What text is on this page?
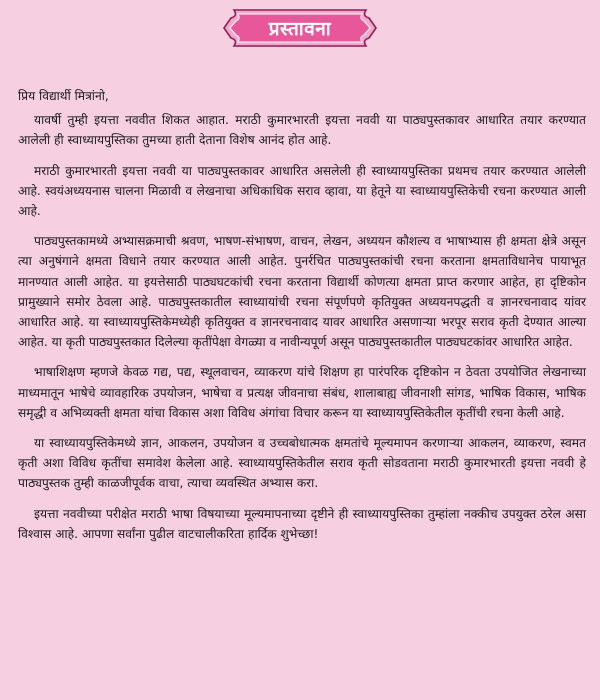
प्रस्तावना

प्रिय विद्यार्थी मित्रांनो,

यावर्षी तुम्ही इयत्ता नववीत शिकत आहात. मराठी कुमारभारती इयत्ता नववी या पाठ्यपुस्तकावर आधारित तयार करण्यात आलेली ही स्वाध्यायपुस्तिका तुमच्या हाती देताना विशेष आनंद होत आहे.

मराठी कुमारभारती इयत्ता नववी या पाठ्यपुस्तकावर आधारित असलेली ही स्वाध्यायपुस्तिका प्रथमच तयार करण्यात आलेली आहे. स्वयंअध्ययनास चालना मिळावी व लेखनाचा अधिकाधिक सराव व्हावा, या हेतूने या स्वाध्यायपुस्तिकेची रचना करण्यात आली आहे.

पाठ्यपुस्तकामध्ये अभ्यासक्रमाची श्रवण, भाषण-संभाषण, वाचन, लेखन, अध्ययन कौशल्य व भाषाभ्यास ही क्षमता क्षेत्रे असून त्या अनुषंगाने क्षमता विधाने तयार करण्यात आली आहेत. पुनर्रचित पाठ्यपुस्तकांची रचना करताना क्षमताविधानेच पायाभूत मानण्यात आली आहेत. या इयत्तेसाठी पाठ्यघटकांची रचना करताना विद्यार्थी कोणत्या क्षमता प्राप्त करणार आहेत, हा दृष्टिकोन प्रामुख्याने समोर ठेवला आहे. पाठ्यपुस्तकातील स्वाध्यायांची रचना संपूर्णपणे कृतियुक्त अध्ययनपद्धती व ज्ञानरचनावाद यांवर आधारित आहे. या स्वाध्यायपुस्तिकेमध्येही कृतियुक्त व ज्ञानरचनावाद यावर आधारित असणाऱ्या भरपूर सराव कृती देण्यात आल्या आहेत. या कृती पाठ्यपुस्तकात दिलेल्या कृतींपेक्षा वेगळ्या व नावीन्यपूर्ण असून पाठ्यपुस्तकातील पाठ्यघटकांवर आधारित आहेत.

भाषाशिक्षण म्हणजे केवळ गद्य, पद्य, स्थूलवाचन, व्याकरण यांचे शिक्षण हा पारंपरिक दृष्टिकोन न ठेवता उपयोजित लेखनाच्या माध्यमातून भाषेचे व्यावहारिक उपयोजन, भाषेचा व प्रत्यक्ष जीवनाचा संबंध, शालाबाह्य जीवनाशी सांगड, भाषिक विकास, भाषिक समृद्धी व अभिव्यक्ती क्षमता यांचा विकास अशा विविध अंगांचा विचार करून या स्वाध्यायपुस्तिकेतील कृतींची रचना केली आहे.

या स्वाध्यायपुस्तिकेमध्ये ज्ञान, आकलन, उपयोजन व उच्चबोधात्मक क्षमतांचे मूल्यमापन करणाऱ्या आकलन, व्याकरण, स्वमत कृती अशा विविध कृतींचा समावेश केलेला आहे. स्वाध्यायपुस्तिकेतील सराव कृती सोडवताना मराठी कुमारभारती इयत्ता नववी हे पाठ्यपुस्तक तुम्ही काळजीपूर्वक वाचा, त्याचा व्यवस्थित अभ्यास करा.

इयत्ता नववीच्या परीक्षेत मराठी भाषा विषयाच्या मूल्यमापनाच्या दृष्टीने ही स्वाध्यायपुस्तिका तुम्हांला नक्कीच उपयुक्त ठरेल असा विश्वास आहे. आपणा सर्वांना पुढील वाटचालीकरिता हार्दिक शुभेच्छा!
